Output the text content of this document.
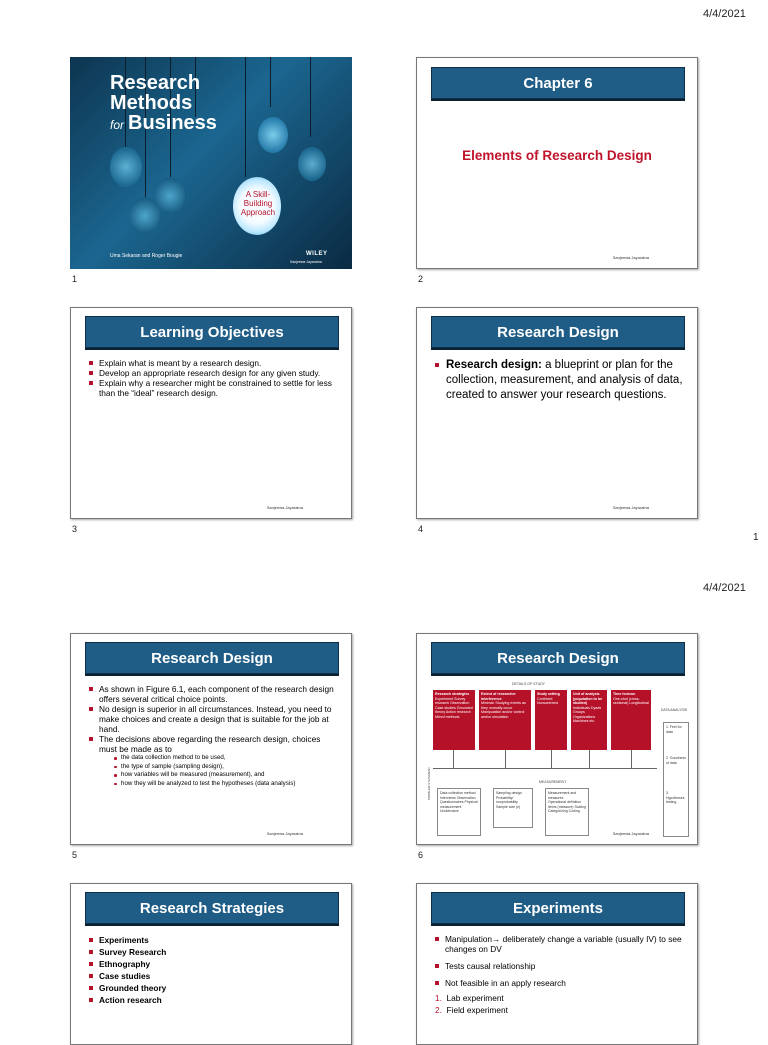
4/4/2021
Research
Methods
for Business
A Skill-
Building
Approach
Uma Sekaran and Roger Bougie	WILEY
Sanjeewa Jayaratna
1
Chapter 6
Elements of Research Design
Sanjeewa Jayaratna
2
Learning Objectives
Explain what is meant by a research design.
Develop an appropriate research design for any given study.
Explain why a researcher might be constrained to settle for less than the “ideal” research design.
Sanjeewa Jayaratna
3
Research Design
Research design: a blueprint or plan for the collection, measurement, and analysis of data, created to answer your research questions.
Sanjeewa Jayaratna
4
1
4/4/2021
Research Design
As shown in Figure 6.1, each component of the research design offers several critical choice points.
No design is superior in all circumstances. Instead, you need to make choices and create a design that is suitable for the job at hand.
The decisions above regarding the research design, choices must be made as to
the data collection method to be used,
the type of sample (sampling design),
how variables will be measured (measurement), and
how they will be analyzed to test the hypotheses (data analysis)
Sanjeewa Jayaratna
5
Research Design
DETAILS OF STUDY
Research strategies
Experiment Survey research Observation Case studies Grounded theory Action research Mixed methods
Extent of researcher interference
Minimal: Studying events as they normally occur Manipulation and/or control and/or simulation
Study setting
Contrived Noncontrived
Unit of analysis (population to be studied)
Individuals Dyads Groups Organizations Machines etc.
Time horizon
One-shot (cross-sectional) Longitudinal
PROBLEM STATEMENT
DATA ANALYSIS
1. Feel for data
2. Goodness of data
3. Hypotheses testing
MEASUREMENT
Data collection method
Interviews Observation Questionnaires Physical measurement Unobtrusive
Sampling design
Probability/ nonprobability Sample size (n)
Measurement and measures
Operational definition Items (measure) Scaling Categorizing Coding
Sanjeewa Jayaratna
6
Research Strategies
Experiments
Survey Research
Ethnography
Case studies
Grounded theory
Action research
Experiments
Manipulation→ deliberately change a variable (usually IV) to see changes on DV
Tests causal relationship
Not feasible in an apply research
1. Lab experiment
2. Field experiment
